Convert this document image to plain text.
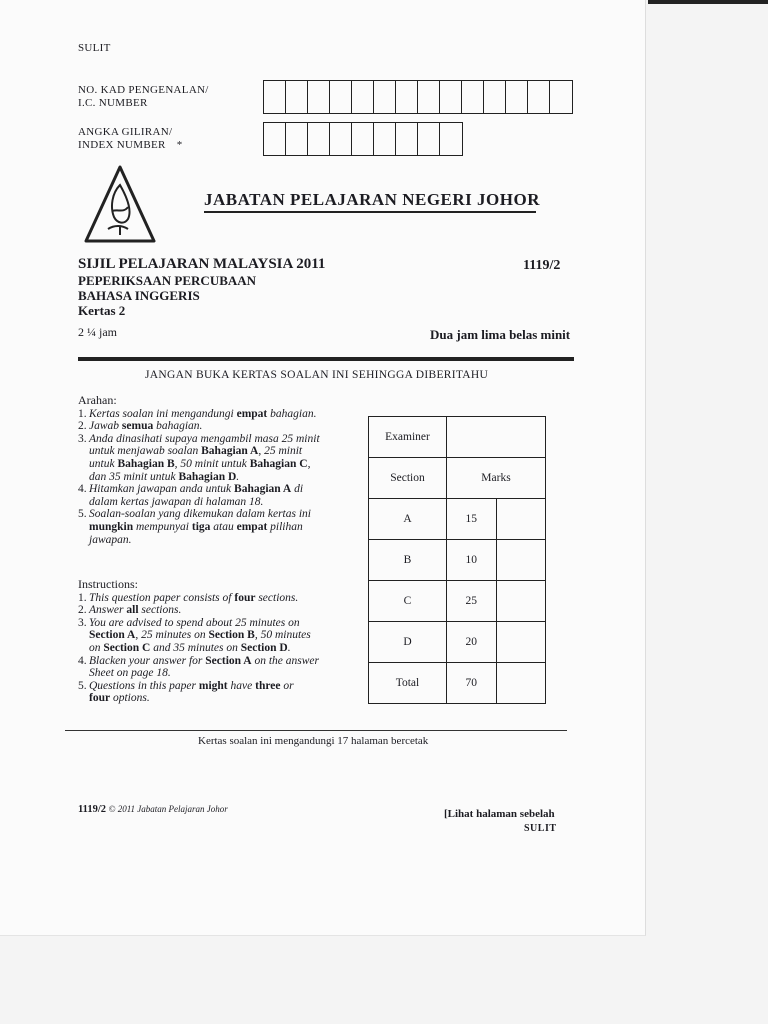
SULIT
NO. KAD PENGENALAN/
I.C. NUMBER
ANGKA GILIRAN/
INDEX NUMBER *
JABATAN PELAJARAN NEGERI JOHOR
SIJIL PELAJARAN MALAYSIA 2011	1119/2
PEPERIKSAAN PERCUBAAN
BAHASA INGGERIS
Kertas 2
2 ¼ jam	Dua jam lima belas minit
JANGAN BUKA KERTAS SOALAN INI SEHINGGA DIBERITAHU
Arahan:
1. Kertas soalan ini mengandungi empat bahagian.
2. Jawab semua bahagian.
3. Anda dinasihati supaya mengambil masa 25 minit
untuk menjawab soalan Bahagian A, 25 minit
untuk Bahagian B, 50 minit untuk Bahagian C,
dan 35 minit untuk Bahagian D.
4. Hitamkan jawapan anda untuk Bahagian A di
dalam kertas jawapan di halaman 18.
5. Soalan-soalan yang dikemukan dalam kertas ini
mungkin mempunyai tiga atau empat pilihan
jawapan.
Instructions:
1. This question paper consists of four sections.
2. Answer all sections.
3. You are advised to spend about 25 minutes on
Section A, 25 minutes on Section B, 50 minutes
on Section C and 35 minutes on Section D.
4. Blacken your answer for Section A on the answer
Sheet on page 18.
5. Questions in this paper might have three or
four options.
Examiner		
Section	Marks	
A	15	
B	10	
C	25	
D	20	
Total	70	
Kertas soalan ini mengandungi 17 halaman bercetak
1119/2 © 2011 Jabatan Pelajaran Johor	[Lihat halaman sebelah
SULIT
